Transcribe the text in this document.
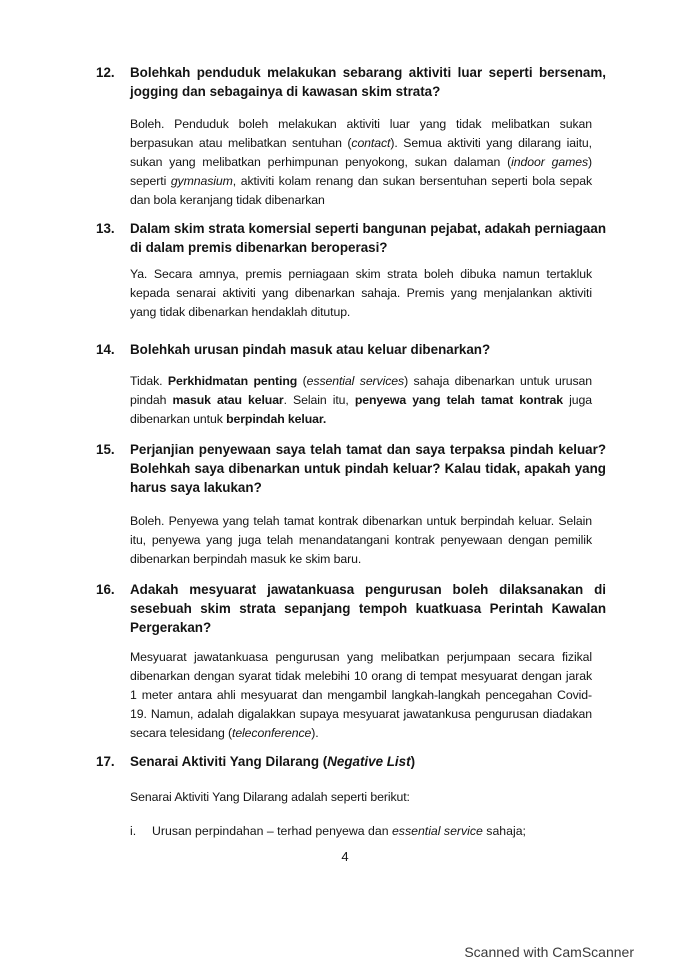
12. Bolehkah penduduk melakukan sebarang aktiviti luar seperti bersenam, jogging dan sebagainya di kawasan skim strata?
Boleh. Penduduk boleh melakukan aktiviti luar yang tidak melibatkan sukan berpasukan atau melibatkan sentuhan (contact). Semua aktiviti yang dilarang iaitu, sukan yang melibatkan perhimpunan penyokong, sukan dalaman (indoor games) seperti gymnasium, aktiviti kolam renang dan sukan bersentuhan seperti bola sepak dan bola keranjang tidak dibenarkan
13. Dalam skim strata komersial seperti bangunan pejabat, adakah perniagaan di dalam premis dibenarkan beroperasi?
Ya. Secara amnya, premis perniagaan skim strata boleh dibuka namun tertakluk kepada senarai aktiviti yang dibenarkan sahaja. Premis yang menjalankan aktiviti yang tidak dibenarkan hendaklah ditutup.
14. Bolehkah urusan pindah masuk atau keluar dibenarkan?
Tidak. Perkhidmatan penting (essential services) sahaja dibenarkan untuk urusan pindah masuk atau keluar. Selain itu, penyewa yang telah tamat kontrak juga dibenarkan untuk berpindah keluar.
15. Perjanjian penyewaan saya telah tamat dan saya terpaksa pindah keluar? Bolehkah saya dibenarkan untuk pindah keluar? Kalau tidak, apakah yang harus saya lakukan?
Boleh. Penyewa yang telah tamat kontrak dibenarkan untuk berpindah keluar. Selain itu, penyewa yang juga telah menandatangani kontrak penyewaan dengan pemilik dibenarkan berpindah masuk ke skim baru.
16. Adakah mesyuarat jawatankuasa pengurusan boleh dilaksanakan di sesebuah skim strata sepanjang tempoh kuatkuasa Perintah Kawalan Pergerakan?
Mesyuarat jawatankuasa pengurusan yang melibatkan perjumpaan secara fizikal dibenarkan dengan syarat tidak melebihi 10 orang di tempat mesyuarat dengan jarak 1 meter antara ahli mesyuarat dan mengambil langkah-langkah pencegahan Covid-19. Namun, adalah digalakkan supaya mesyuarat jawatankusa pengurusan diadakan secara telesidang (teleconference).
17. Senarai Aktiviti Yang Dilarang (Negative List)
Senarai Aktiviti Yang Dilarang adalah seperti berikut:
i. Urusan perpindahan – terhad penyewa dan essential service sahaja;
4
Scanned with CamScanner
